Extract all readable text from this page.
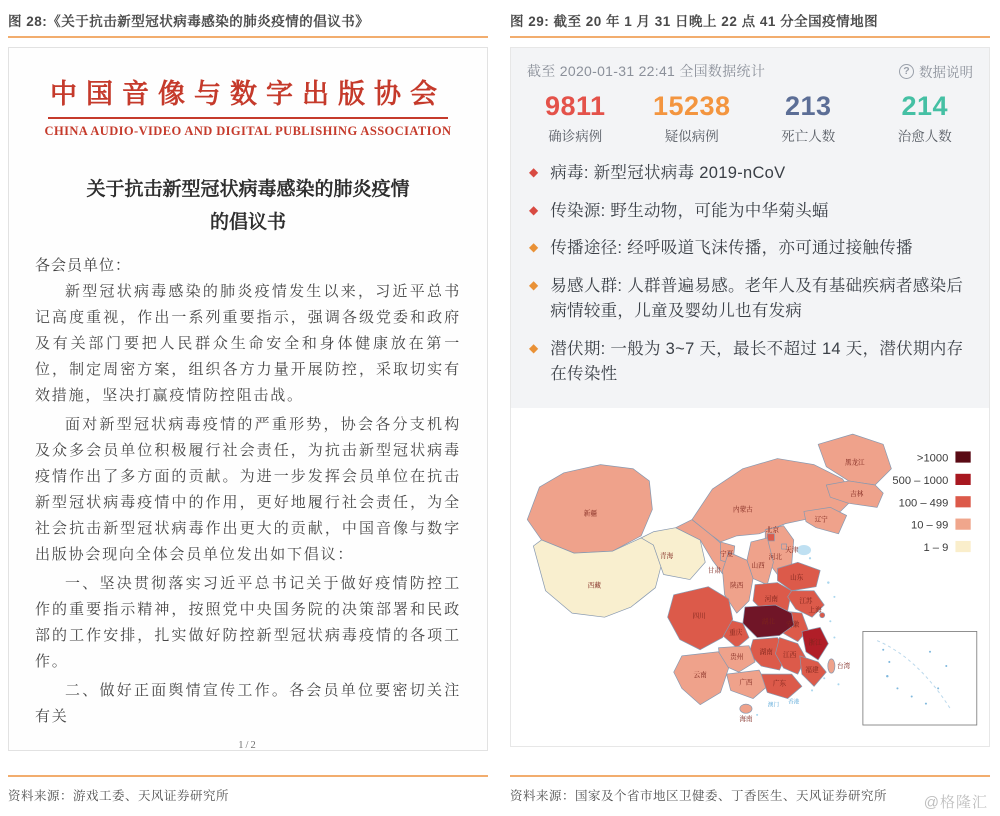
图 28:《关于抗击新型冠状病毒感染的肺炎疫情的倡议书》
中国音像与数字出版协会
CHINA AUDIO-VIDEO AND DIGITAL PUBLISHING ASSOCIATION
关于抗击新型冠状病毒感染的肺炎疫情
的倡议书
各会员单位：

新型冠状病毒感染的肺炎疫情发生以来，习近平总书记高度重视，作出一系列重要指示，强调各级党委和政府及有关部门要把人民群众生命安全和身体健康放在第一位，制定周密方案，组织各方力量开展防控，采取切实有效措施，坚决打赢疫情防控阻击战。

面对新型冠状病毒疫情的严重形势，协会各分支机构及众多会员单位积极履行社会责任，为抗击新型冠状病毒疫情作出了多方面的贡献。为进一步发挥会员单位在抗击新型冠状病毒疫情中的作用，更好地履行社会责任，为全社会抗击新型冠状病毒作出更大的贡献，中国音像与数字出版协会现向全体会员单位发出如下倡议：

一、坚决贯彻落实习近平总书记关于做好疫情防控工作的重要指示精神，按照党中央国务院的决策部署和民政部的工作安排，扎实做好防控新型冠状病毒疫情的各项工作。

二、做好正面舆情宣传工作。各会员单位要密切关注有关

1/2
资料来源：游戏工委、天风证券研究所
图 29: 截至 20 年 1 月 31 日晚上 22 点 41 分全国疫情地图
截至 2020-01-31 22:41 全国数据统计	? 数据说明
9811
确诊病例
15238
疑似病例
213
死亡人数
214
治愈人数
◆ 病毒: 新型冠状病毒 2019-nCoV
◆ 传染源: 野生动物，可能为中华菊头蝠
◆ 传播途径: 经呼吸道飞沫传播，亦可通过接触传播
◆ 易感人群: 人群普遍易感。老年人及有基础疾病者感染后病情较重，儿童及婴幼儿也有发病
◆ 潜伏期: 一般为 3~7 天，最长不超过 14 天，潜伏期内存在传染性
新疆
西藏
青海
甘肃
宁夏
内蒙古
黑龙江
吉林
辽宁
河北
北京
天津
山西
陕西
山东
河南	江苏
安徽
上海
浙江
湖北
重庆
四川
湖南 江西
福建
贵州
云南
广西	广东
海南
台湾
澳门
香港
>1000
500 – 1000
100 – 499
10 – 99
1 – 9
资料来源：国家及个省市地区卫健委、丁香医生、天风证券研究所	@格隆汇
